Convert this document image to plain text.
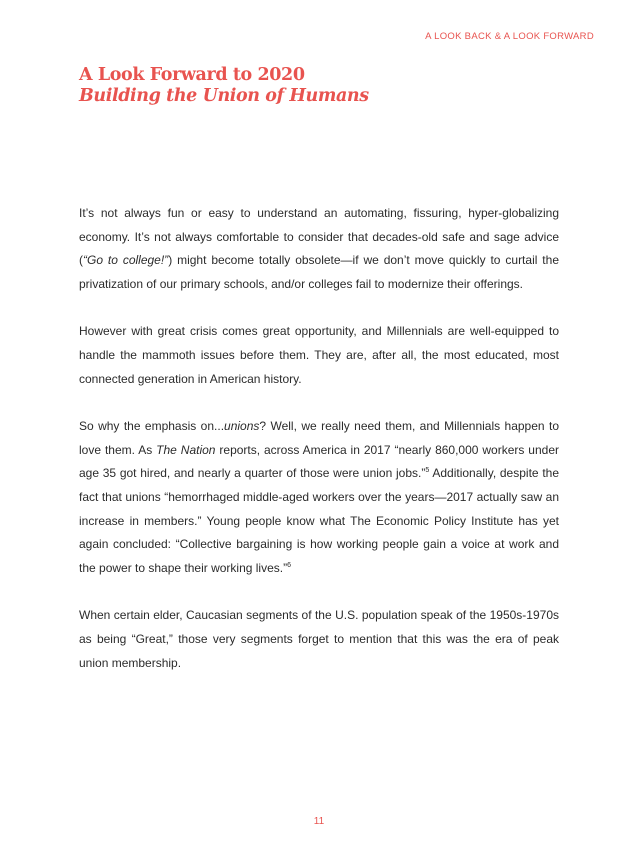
A LOOK BACK & A LOOK FORWARD
A Look Forward to 2020
Building the Union of Humans

It’s not always fun or easy to understand an automating, fissuring, hyper-globalizing economy. It’s not always comfortable to consider that decades-old safe and sage advice (“Go to college!”) might become totally obsolete—if we don’t move quickly to curtail the privatization of our primary schools, and/or colleges fail to modernize their offerings.

However with great crisis comes great opportunity, and Millennials are well-equipped to handle the mammoth issues before them. They are, after all, the most educated, most connected generation in American history.

So why the emphasis on...unions? Well, we really need them, and Millennials happen to love them. As The Nation reports, across America in 2017 “nearly 860,000 workers under age 35 got hired, and nearly a quarter of those were union jobs.”$^5$ Additionally, despite the fact that unions “hemorrhaged middle-aged workers over the years—2017 actually saw an increase in members.” Young people know what The Economic Policy Institute has yet again concluded: “Collective bargaining is how working people gain a voice at work and the power to shape their working lives.”$^6$

When certain elder, Caucasian segments of the U.S. population speak of the 1950s-1970s as being “Great,” those very segments forget to mention that this was the era of peak union membership.

11
